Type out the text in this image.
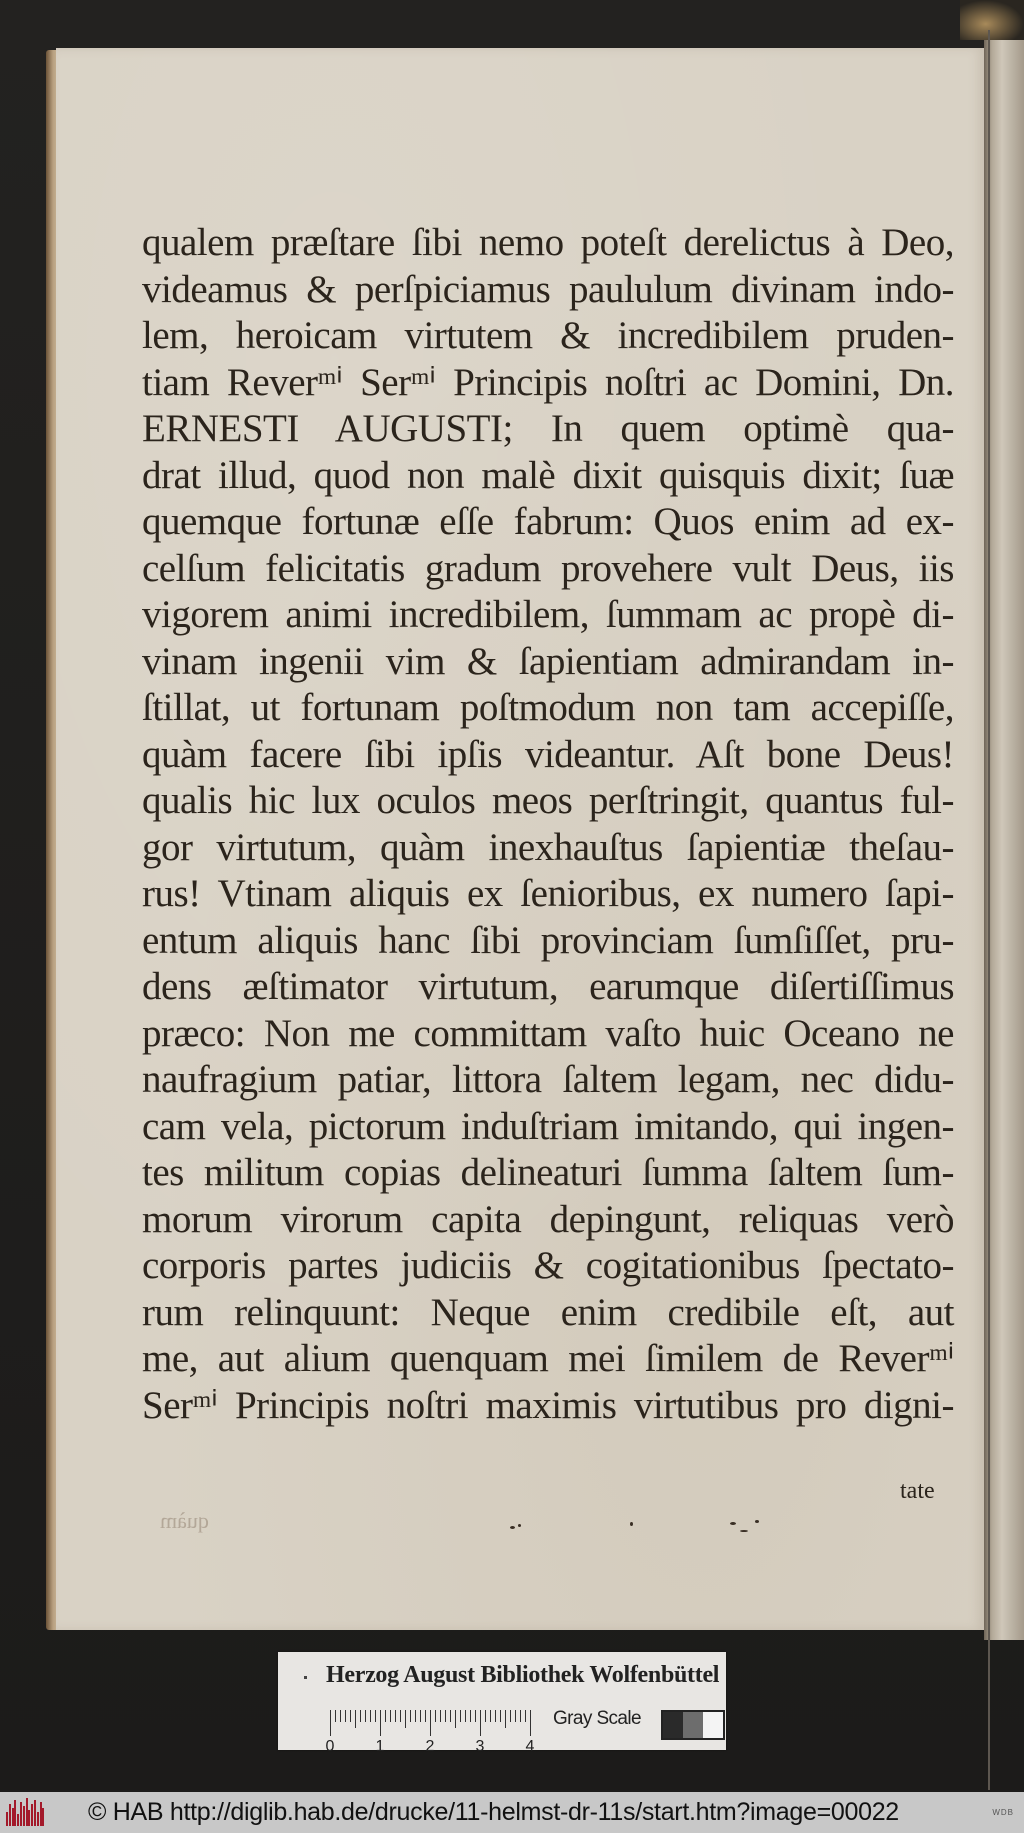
qualem præſtare ſibi nemo poteſt derelictus à Deo,
videamus & perſpiciamus paululum divinam indo-
lem, heroicam virtutem & incredibilem pruden-
tiam Reverᵐⁱ Serᵐⁱ Principis noſtri ac Domini, Dn.
ERNESTI AUGUSTI; In quem optimè qua-
drat illud, quod non malè dixit quisquis dixit; ſuæ
quemque fortunæ eſſe fabrum: Quos enim ad ex-
celſum felicitatis gradum provehere vult Deus, iis
vigorem animi incredibilem, ſummam ac propè di-
vinam ingenii vim & ſapientiam admirandam in-
ſtillat, ut fortunam poſtmodum non tam accepiſſe,
quàm facere ſibi ipſis videantur. Aſt bone Deus!
qualis hic lux oculos meos perſtringit, quantus ful-
gor virtutum, quàm inexhauſtus ſapientiæ theſau-
rus! Vtinam aliquis ex ſenioribus, ex numero ſapi-
entum aliquis hanc ſibi provinciam ſumſiſſet, pru-
dens æſtimator virtutum, earumque diſertiſſimus
præco: Non me committam vaſto huic Oceano ne
naufragium patiar, littora ſaltem legam, nec didu-
cam vela, pictorum induſtriam imitando, qui ingen-
tes militum copias delineaturi ſumma ſaltem ſum-
morum virorum capita depingunt, reliquas verò
corporis partes judiciis & cogitationibus ſpectato-
rum relinquunt: Neque enim credibile eſt, aut
me, aut alium quenquam mei ſimilem de Reverᵐⁱ
Serᵐⁱ Principis noſtri maximis virtutibus pro digni-
tate
quàm
Herzog August Bibliothek Wolfenbüttel
0	1	2	3	4
Gray Scale
© HAB http://diglib.hab.de/drucke/11-helmst-dr-11s/start.htm?image=00022	WDB
